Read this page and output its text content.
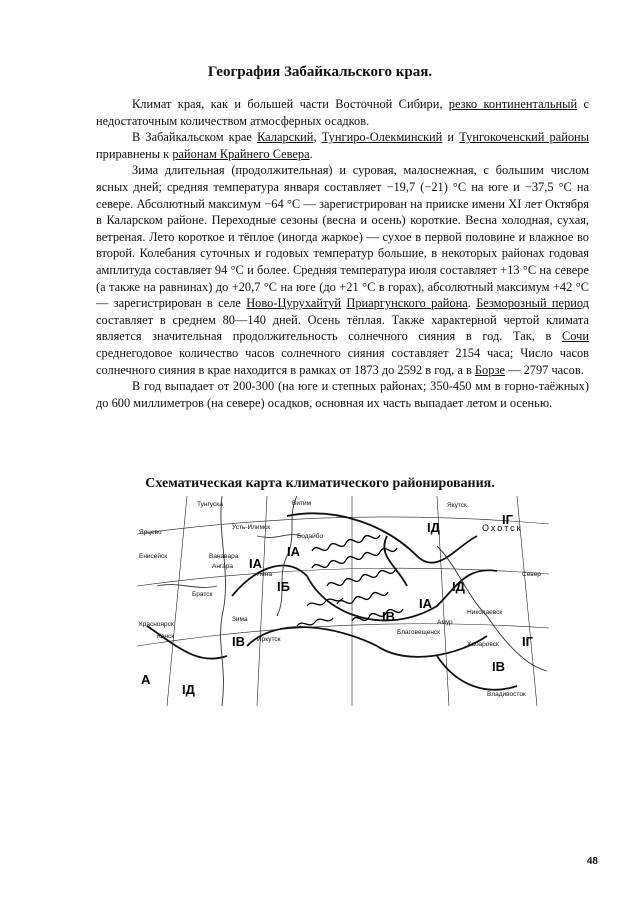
География Забайкальского края.

Климат края, как и большей части Восточной Сибири, резко континентальный с недостаточным количеством атмосферных осадков.

В Забайкальском крае Каларский, Тунгиро-Олекминский и Тунгокоченский районы приравнены к районам Крайнего Севера.

Зима длительная (продолжительная) и суровая, малоснежная, с большим числом ясных дней; средняя температура января составляет −19,7 (−21) °C на юге и −37,5 °C на севере. Абсолютный максимум −64 °C — зарегистрирован на прииске имени XI лет Октября в Каларском районе. Переходные сезоны (весна и осень) короткие. Весна холодная, сухая, ветреная. Лето короткое и тёплое (иногда жаркое) — сухое в первой половине и влажное во второй. Колебания суточных и годовых температур большие, в некоторых районах годовая амплитуда составляет 94 °C и более. Средняя температура июля составляет +13 °C на севере (а также на равнинах) до +20,7 °C на юге (до +21 °C в горах), абсолютный максимум +42 °C — зарегистрирован в селе Ново-Цурухайтуй Приаргунского района. Безморозный период составляет в среднем 80—140 дней. Осень тёплая. Также характерной чертой климата является значительная продолжительность солнечного сияния в год. Так, в Сочи среднегодовое количество часов солнечного сияния составляет 2154 часа; Число часов солнечного сияния в крае находится в рамках от 1873 до 2592 в год, а в Борзе — 2797 часов.

В год выпадает от 200-300 (на юге и степных районах; 350-450 мм в горно-таёжных) до 600 миллиметров (на севере) осадков, основная их часть выпадает летом и осенью.

Схематическая карта климатического районирования.
Тунгуска	Витим	Якутск
Ярцево
Усть-Илимск
Бодайбо
Енисейск	Ванавара
Ангара
Лена
Братск
Красноярск
Канск
Зима
Иркутск
Охотск
Николаевск
Благовещенск
Хабаровск
Амур
Владивосток
Север
IА
IД
IБ
IВ
IГ
IА
IД
IВ
IВ
А
IД
IА
IГ
48
